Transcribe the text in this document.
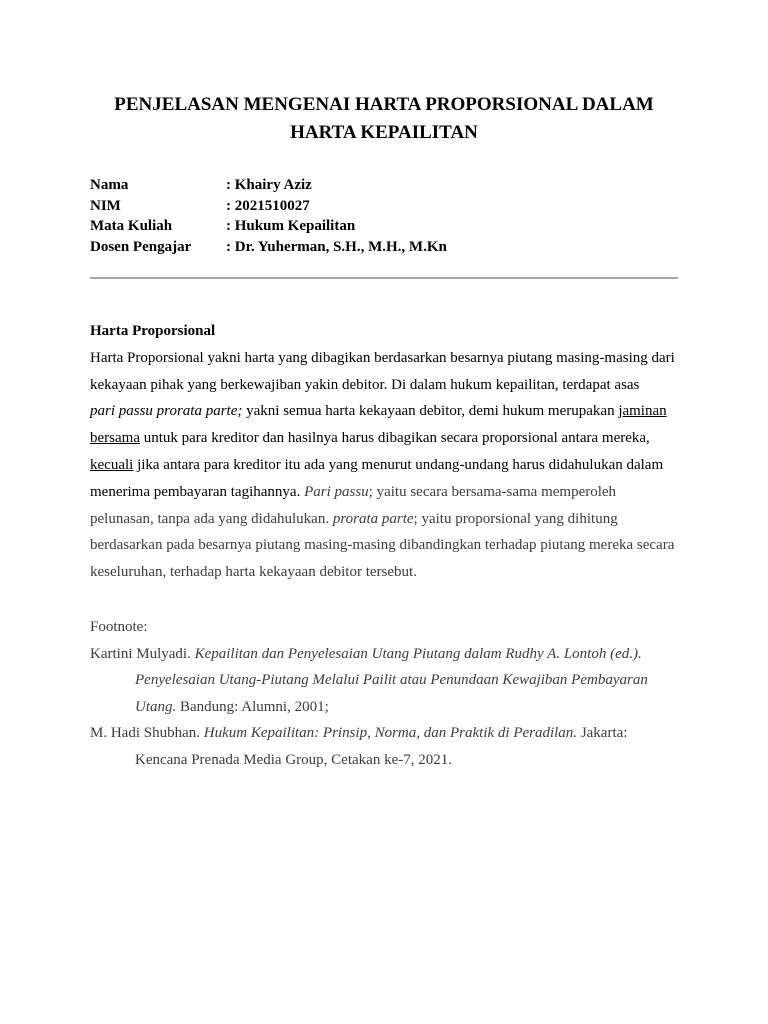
PENJELASAN MENGENAI HARTA PROPORSIONAL DALAM
HARTA KEPAILITAN
Nama	: Khairy Aziz
NIM	: 2021510027
Mata Kuliah	: Hukum Kepailitan
Dosen Pengajar	: Dr. Yuherman, S.H., M.H., M.Kn
Harta Proporsional
Harta Proporsional yakni harta yang dibagikan berdasarkan besarnya piutang masing-masing dari
kekayaan pihak yang berkewajiban yakin debitor. Di dalam hukum kepailitan, terdapat asas
pari passu prorata parte; yakni semua harta kekayaan debitor, demi hukum merupakan jaminan
bersama untuk para kreditor dan hasilnya harus dibagikan secara proporsional antara mereka,
kecuali jika antara para kreditor itu ada yang menurut undang-undang harus didahulukan dalam
menerima pembayaran tagihannya. Pari passu; yaitu secara bersama-sama memperoleh
pelunasan, tanpa ada yang didahulukan. prorata parte; yaitu proporsional yang dihitung
berdasarkan pada besarnya piutang masing-masing dibandingkan terhadap piutang mereka secara
keseluruhan, terhadap harta kekayaan debitor tersebut.
Footnote:
Kartini Mulyadi. Kepailitan dan Penyelesaian Utang Piutang dalam Rudhy A. Lontoh (ed.).
Penyelesaian Utang-Piutang Melalui Pailit atau Penundaan Kewajiban Pembayaran
Utang. Bandung: Alumni, 2001;
M. Hadi Shubhan. Hukum Kepailitan: Prinsip, Norma, dan Praktik di Peradilan. Jakarta:
Kencana Prenada Media Group, Cetakan ke-7, 2021.
